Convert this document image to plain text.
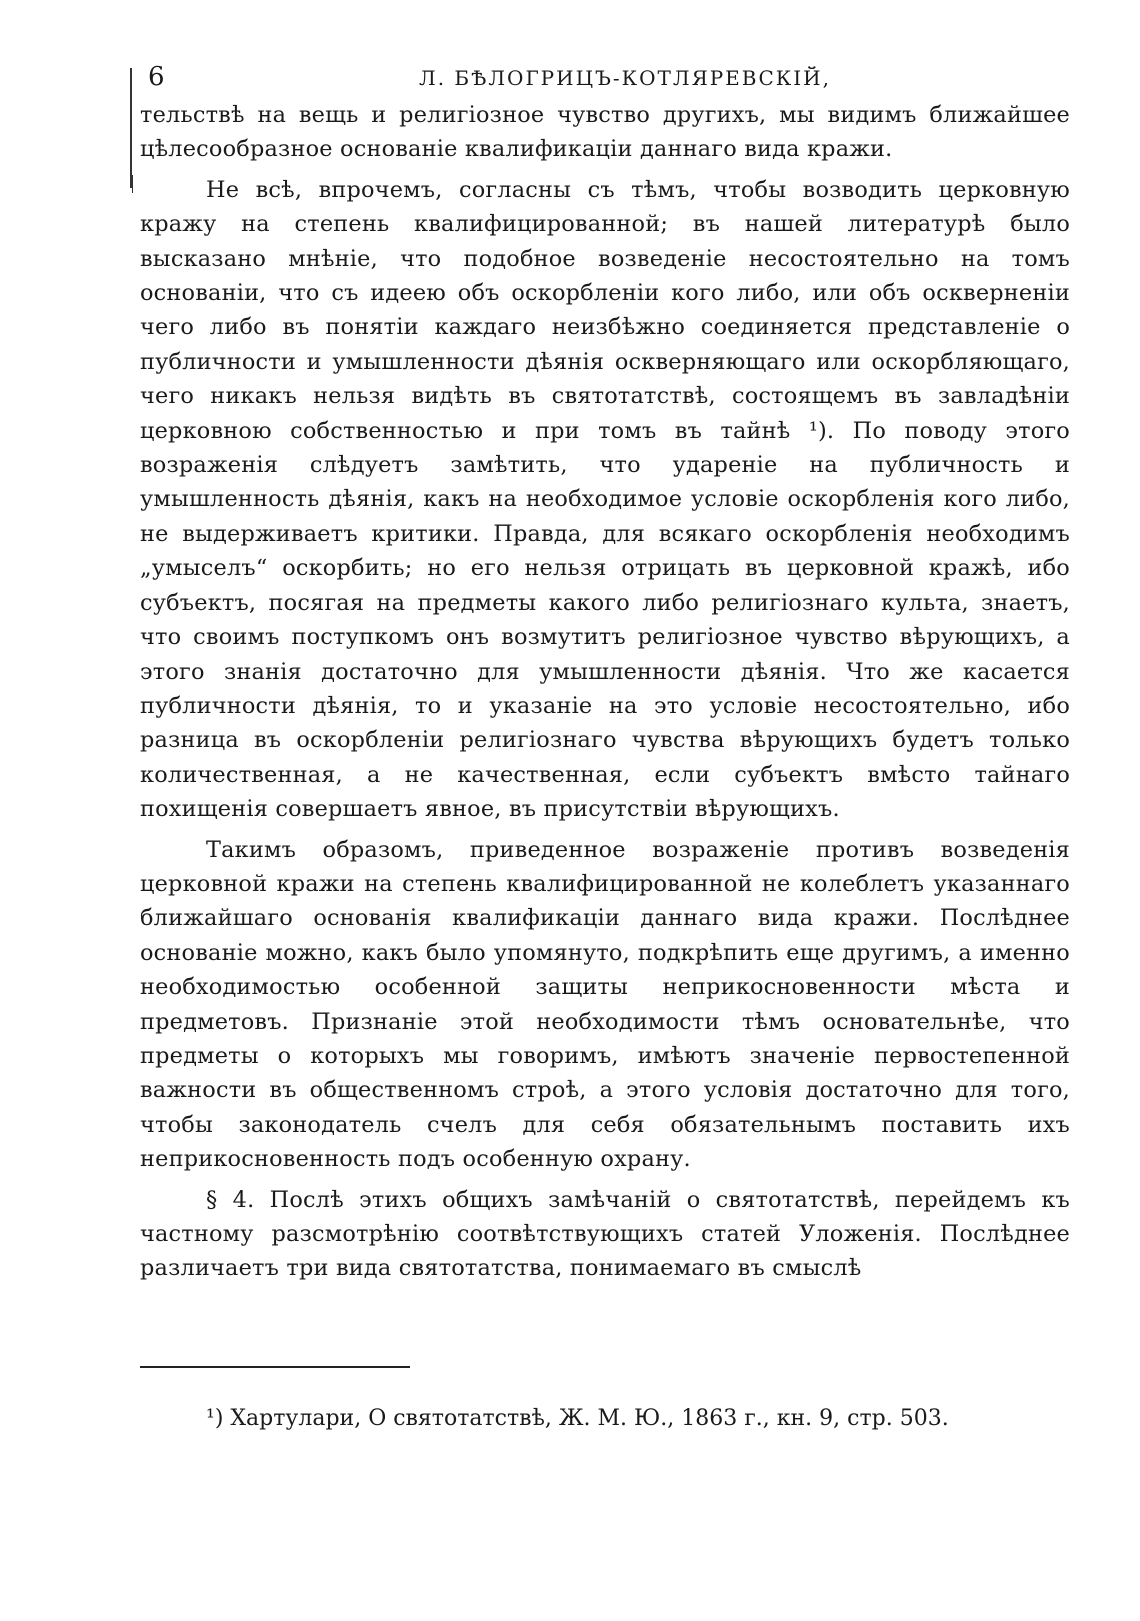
6	Л. БѢЛОГРИЦЪ-КОТЛЯРЕВСКІЙ,

тельствѣ на вещь и религіозное чувство другихъ, мы видимъ ближайшее цѣлесообразное основаніе квалификаціи даннаго вида кражи.

Не всѣ, впрочемъ, согласны съ тѣмъ, чтобы возводить церковную кражу на степень квалифицированной; въ нашей литературѣ было высказано мнѣніе, что подобное возведеніе несостоятельно на томъ основаніи, что съ идеею объ оскорбленіи кого либо, или объ оскверненіи чего либо въ понятіи каждаго неизбѣжно соединяется представленіе о публичности и умышленности дѣянія оскверняющаго или оскорбляющаго, чего никакъ нельзя видѣть въ святотатствѣ, состоящемъ въ завладѣніи церковною собственностью и при томъ въ тайнѣ ¹). По поводу этого возраженія слѣдуетъ замѣтить, что удареніе на публичность и умышленность дѣянія, какъ на необходимое условіе оскорбленія кого либо, не выдерживаетъ критики. Правда, для всякаго оскорбленія необходимъ „умыселъ“ оскорбить; но его нельзя отрицать въ церковной кражѣ, ибо субъектъ, посягая на предметы какого либо религіознаго культа, знаетъ, что своимъ поступкомъ онъ возмутитъ религіозное чувство вѣрующихъ, а этого знанія достаточно для умышленности дѣянія. Что же касается публичности дѣянія, то и указаніе на это условіе несостоятельно, ибо разница въ оскорбленіи религіознаго чувства вѣрующихъ будетъ только количественная, а не качественная, если субъектъ вмѣсто тайнаго похищенія совершаетъ явное, въ присутствіи вѣрующихъ.

Такимъ образомъ, приведенное возраженіе противъ возведенія церковной кражи на степень квалифицированной не колеблетъ указаннаго ближайшаго основанія квалификаціи даннаго вида кражи. Послѣднее основаніе можно, какъ было упомянуто, подкрѣпить еще другимъ, а именно необходимостью особенной защиты неприкосновенности мѣста и предметовъ. Признаніе этой необходимости тѣмъ основательнѣе, что предметы о которыхъ мы говоримъ, имѣютъ значеніе первостепенной важности въ общественномъ строѣ, а этого условія достаточно для того, чтобы законодатель счелъ для себя обязательнымъ поставить ихъ неприкосновенность подъ особенную охрану.

§ 4. Послѣ этихъ общихъ замѣчаній о святотатствѣ, перейдемъ къ частному разсмотрѣнію соотвѣтствующихъ статей Уложенія. Послѣднее различаетъ три вида святотатства, понимаемаго въ смыслѣ

¹) Хартулари, О святотатствѣ, Ж. М. Ю., 1863 г., кн. 9, стр. 503.
